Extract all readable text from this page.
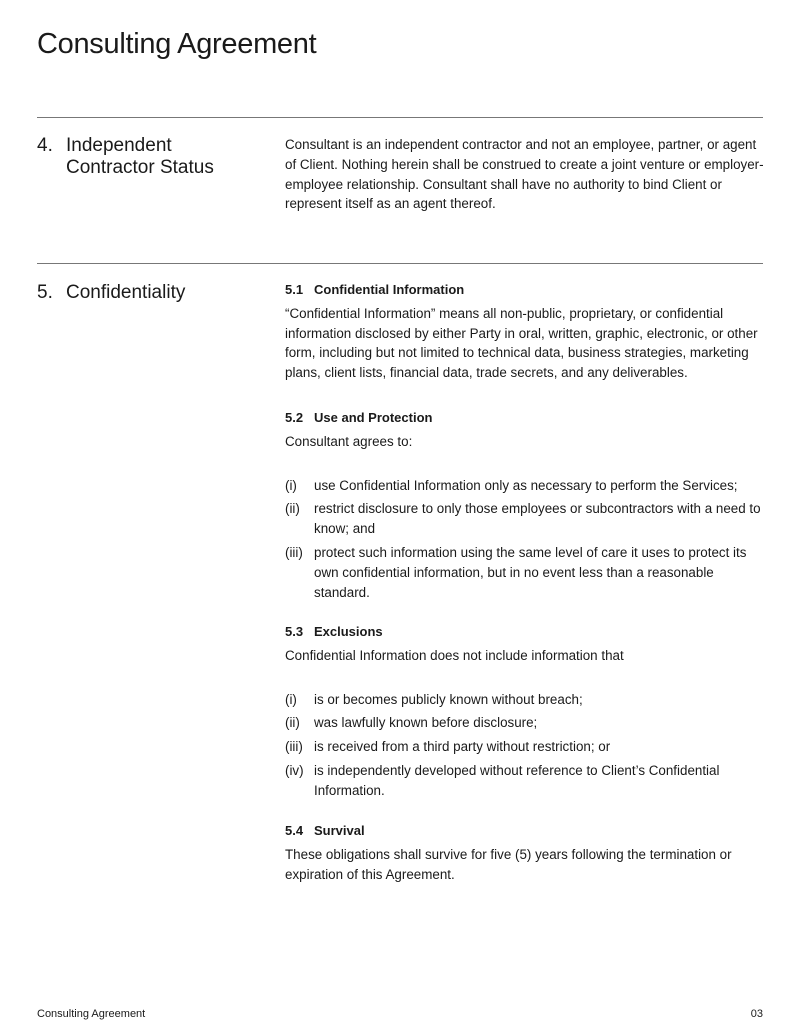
Consulting Agreement
4. Independent Contractor Status
Consultant is an independent contractor and not an employee, partner, or agent of Client. Nothing herein shall be construed to create a joint venture or employer-employee relationship. Consultant shall have no authority to bind Client or represent itself as an agent thereof.
5. Confidentiality	5.1 Confidential Information
“Confidential Information” means all non-public, proprietary, or confidential information disclosed by either Party in oral, written, graphic, electronic, or other form, including but not limited to technical data, business strategies, marketing plans, client lists, financial data, trade secrets, and any deliverables.
5.2 Use and Protection
Consultant agrees to:
(i)	use Confidential Information only as necessary to perform the Services;
(ii)	restrict disclosure to only those employees or subcontractors with a need to know; and
(iii) protect such information using the same level of care it uses to protect its own confidential information, but in no event less than a reasonable standard.
5.3 Exclusions
Confidential Information does not include information that
(i)	is or becomes publicly known without breach;
(ii)	was lawfully known before disclosure;
(iii) is received from a third party without restriction; or
(iv) is independently developed without reference to Client’s Confidential Information.
5.4 Survival
These obligations shall survive for five (5) years following the termination or expiration of this Agreement.
Consulting Agreement	03
